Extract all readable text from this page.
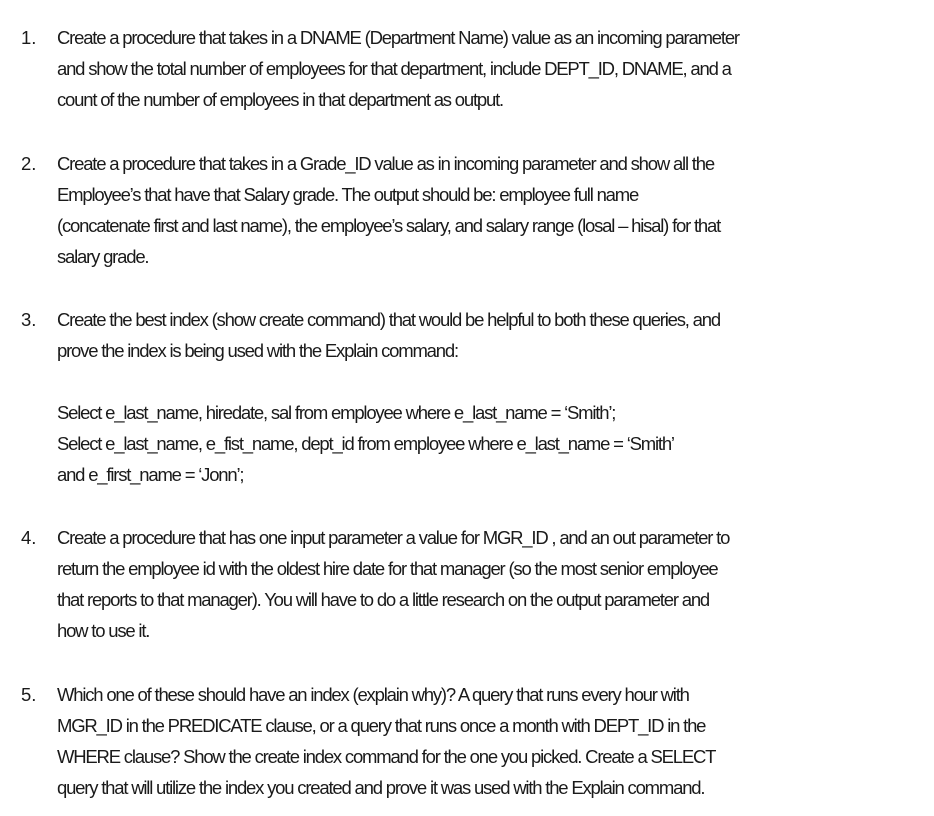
1. Create a procedure that takes in a DNAME (Department Name) value as an incoming parameter
and show the total number of employees for that department, include DEPT_ID, DNAME, and a
count of the number of employees in that department as output.
2. Create a procedure that takes in a Grade_ID value as in incoming parameter and show all the
Employee’s that have that Salary grade. The output should be: employee full name
(concatenate first and last name), the employee’s salary, and salary range (losal – hisal) for that
salary grade.
3. Create the best index (show create command) that would be helpful to both these queries, and
prove the index is being used with the Explain command:
Select e_last_name, hiredate, sal from employee where e_last_name = ‘Smith’;
Select e_last_name, e_fist_name, dept_id from employee where e_last_name = ‘Smith’
and e_first_name = ‘Jonn’;
4. Create a procedure that has one input parameter a value for MGR_ID , and an out parameter to
return the employee id with the oldest hire date for that manager (so the most senior employee
that reports to that manager). You will have to do a little research on the output parameter and
how to use it.
5. Which one of these should have an index (explain why)? A query that runs every hour with
MGR_ID in the PREDICATE clause, or a query that runs once a month with DEPT_ID in the
WHERE clause? Show the create index command for the one you picked. Create a SELECT
query that will utilize the index you created and prove it was used with the Explain command.
